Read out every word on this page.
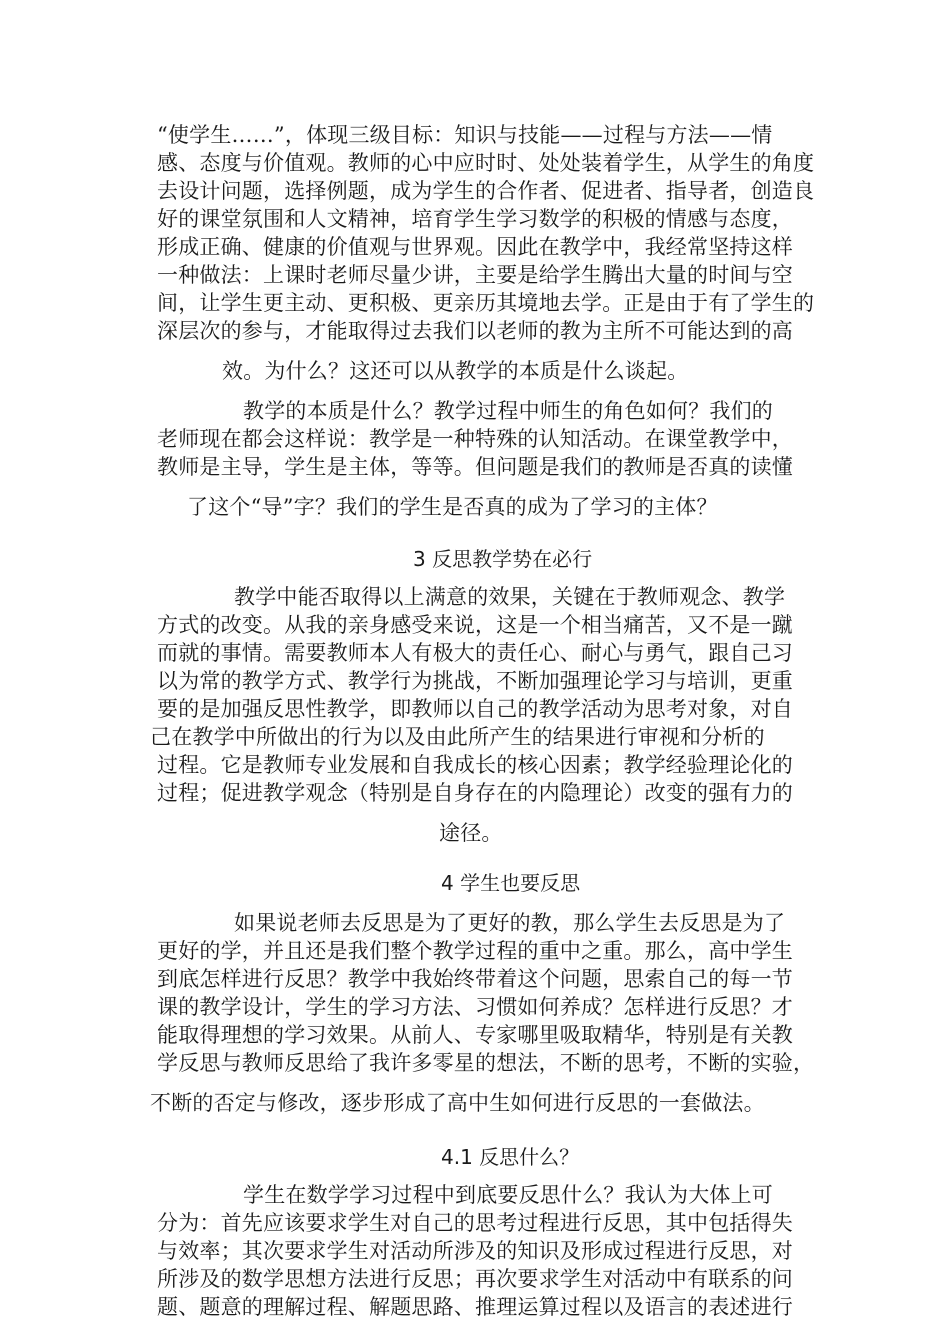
“使学生……”，体现三级目标：知识与技能——过程与方法——情
感、态度与价值观。教师的心中应时时、处处装着学生，从学生的角度
去设计问题，选择例题，成为学生的合作者、促进者、指导者，创造良
好的课堂氛围和人文精神，培育学生学习数学的积极的情感与态度，
形成正确、健康的价值观与世界观。因此在教学中，我经常坚持这样
一种做法：上课时老师尽量少讲，主要是给学生腾出大量的时间与空
间，让学生更主动、更积极、更亲历其境地去学。正是由于有了学生的
深层次的参与，才能取得过去我们以老师的教为主所不可能达到的高
效。为什么？这还可以从教学的本质是什么谈起。
教学的本质是什么？教学过程中师生的角色如何？我们的
老师现在都会这样说：教学是一种特殊的认知活动。在课堂教学中，
教师是主导，学生是主体，等等。但问题是我们的教师是否真的读懂
了这个“导”字？我们的学生是否真的成为了学习的主体？
3 反思教学势在必行
教学中能否取得以上满意的效果，关键在于教师观念、教学
方式的改变。从我的亲身感受来说，这是一个相当痛苦，又不是一蹴
而就的事情。需要教师本人有极大的责任心、耐心与勇气，跟自己习
以为常的教学方式、教学行为挑战，不断加强理论学习与培训，更重
要的是加强反思性教学，即教师以自己的教学活动为思考对象，对自
己在教学中所做出的行为以及由此所产生的结果进行审视和分析的
过程。它是教师专业发展和自我成长的核心因素；教学经验理论化的
过程；促进教学观念（特别是自身存在的内隐理论）改变的强有力的
途径。
4 学生也要反思
如果说老师去反思是为了更好的教，那么学生去反思是为了
更好的学，并且还是我们整个教学过程的重中之重。那么，高中学生
到底怎样进行反思？教学中我始终带着这个问题，思索自己的每一节
课的教学设计，学生的学习方法、习惯如何养成？怎样进行反思？才
能取得理想的学习效果。从前人、专家哪里吸取精华，特别是有关教
学反思与教师反思给了我许多零星的想法，不断的思考，不断的实验，
不断的否定与修改，逐步形成了高中生如何进行反思的一套做法。
4.1 反思什么？
学生在数学学习过程中到底要反思什么？我认为大体上可
分为：首先应该要求学生对自己的思考过程进行反思，其中包括得失
与效率；其次要求学生对活动所涉及的知识及形成过程进行反思，对
所涉及的数学思想方法进行反思；再次要求学生对活动中有联系的问
题、题意的理解过程、解题思路、推理运算过程以及语言的表述进行
